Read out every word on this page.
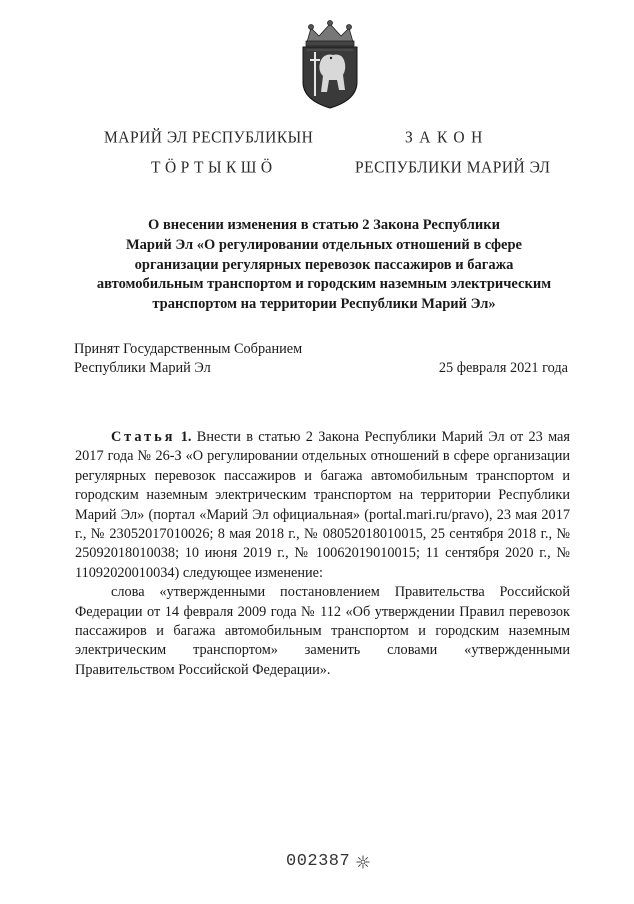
МАРИЙ ЭЛ РЕСПУБЛИКЫН
ТӦРТЫКШӦ
ЗАКОН
РЕСПУБЛИКИ МАРИЙ ЭЛ
О внесении изменения в статью 2 Закона Республики
Марий Эл «О регулировании отдельных отношений в сфере
организации регулярных перевозок пассажиров и багажа
автомобильным транспортом и городским наземным электрическим
транспортом на территории Республики Марий Эл»
Принят Государственным Собранием
Республики Марий Эл	25 февраля 2021 года

Статья 1. Внести в статью 2 Закона Республики Марий Эл от 23 мая 2017 года № 26-З «О регулировании отдельных отношений в сфере организации регулярных перевозок пассажиров и багажа автомобильным транспортом и городским наземным электрическим транспортом на территории Республики Марий Эл» (портал «Марий Эл официальная» (portal.mari.ru/pravo), 23 мая 2017 г., № 23052017010026; 8 мая 2018 г., № 08052018010015, 25 сентября 2018 г., № 25092018010038; 10 июня 2019 г., № 10062019010015; 11 сентября 2020 г., № 11092020010034) следующее изменение:

слова «утвержденными постановлением Правительства Российской Федерации от 14 февраля 2009 года № 112 «Об утверждении Правил перевозок пассажиров и багажа автомобильным транспортом и городским наземным электрическим транспортом» заменить словами «утвержденными Правительством Российской Федерации».

002387
